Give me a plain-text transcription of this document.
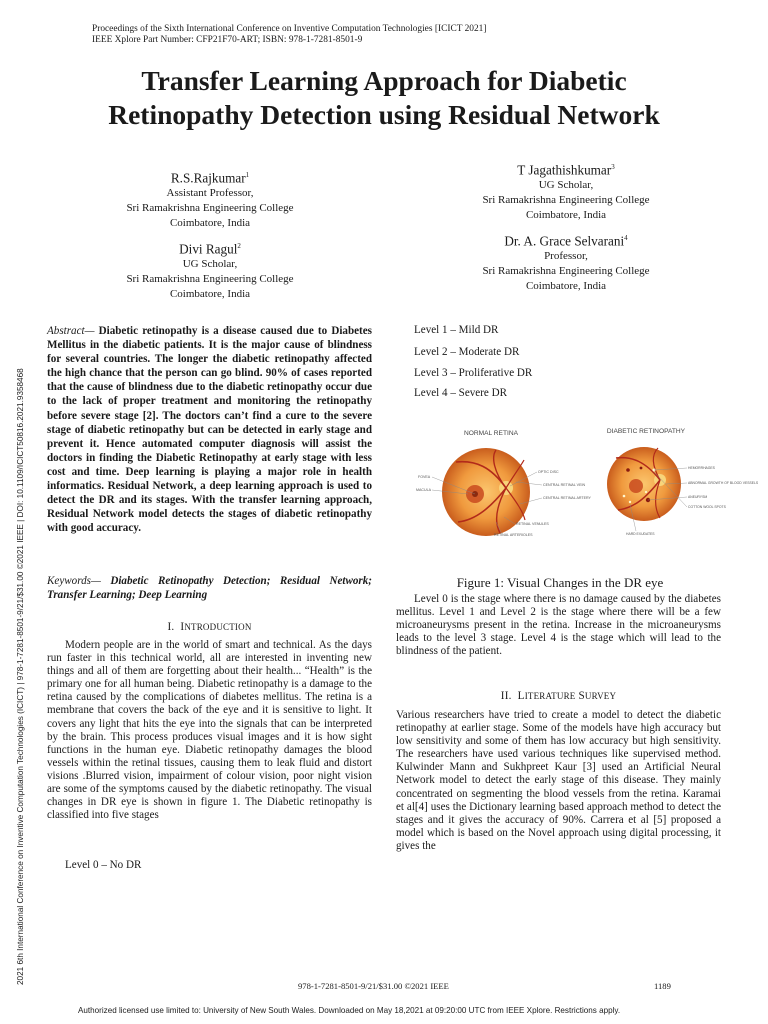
Proceedings of the Sixth International Conference on Inventive Computation Technologies [ICICT 2021]
IEEE Xplore Part Number: CFP21F70-ART; ISBN: 978-1-7281-8501-9
Transfer Learning Approach for Diabetic
Retinopathy Detection using Residual Network
R.S.Rajkumar$^1$
Assistant Professor,
Sri Ramakrishna Engineering College
Coimbatore, India
Divi Ragul$^2$
UG Scholar,
Sri Ramakrishna Engineering College
Coimbatore, India
T Jagathishkumar$^3$
UG Scholar,
Sri Ramakrishna Engineering College
Coimbatore, India
Dr. A. Grace Selvarani$^4$
Professor,
Sri Ramakrishna Engineering College
Coimbatore, India
2021 6th International Conference on Inventive Computation Technologies (ICICT) | 978-1-7281-8501-9/21/$31.00 ©2021 IEEE | DOI: 10.1109/ICICT50816.2021.9358468
Abstract— Diabetic retinopathy is a disease caused due to Diabetes Mellitus in the diabetic patients. It is the major cause of blindness for several countries. The longer the diabetic retinopathy affected the high chance that the person can go blind. 90% of cases reported that the cause of blindness due to the diabetic retinopathy occur due to the lack of proper treatment and monitoring the retinopathy before severe stage [2]. The doctors can’t find a cure to the severe stage of diabetic retinopathy but can be detected in early stage and prevent it. Hence automated computer diagnosis will assist the doctors in finding the Diabetic Retinopathy at early stage with less cost and time. Deep learning is playing a major role in health informatics. Residual Network, a deep learning approach is used to detect the DR and its stages. With the transfer learning approach, Residual Network model detects the stages of diabetic retinopathy with good accuracy.
Keywords— Diabetic Retinopathy Detection; Residual Network; Transfer Learning; Deep Learning
I. INTRODUCTION

Modern people are in the world of smart and technical. As the days run faster in this technical world, all are interested in inventing new things and all of them are forgetting about their health... “Health” is the primary one for all human being. Diabetic retinopathy is a damage to the retina caused by the complications of diabetes mellitus. The retina is a membrane that covers the back of the eye and it is sensitive to light. It covers any light that hits the eye into the signals that can be interpreted by the brain. This process produces visual images and it is how sight functions in the human eye. Diabetic retinopathy damages the blood vessels within the retinal tissues, causing them to leak fluid and distort visions .Blurred vision, impairment of colour vision, poor night vision are some of the symptoms caused by the diabetic retinopathy. The visual changes in DR eye is shown in figure 1. The Diabetic retinopathy is classified into five stages

Level 0 – No DR
Level 1 – Mild DR
Level 2 – Moderate DR
Level 3 – Proliferative DR
Level 4 – Severe DR
NORMAL RETINA	DIABETIC RETINOPATHY
FOVEA
MACULA
OPTIC DISC
CENTRAL RETINAL VEIN
CENTRAL RETINAL ARTERY
RETINAL VENULES
RETINAL ARTERIOLES
HEMORRHAGES
ABNORMAL GROWTH OF BLOOD VESSELS
ANEURYSM
COTTON WOOL SPOTS
HARD EXUDATES
Figure 1: Visual Changes in the DR eye

Level 0 is the stage where there is no damage caused by the diabetes mellitus. Level 1 and Level 2 is the stage where there will be a few microaneurysms present in the retina. Increase in the microaneurysms leads to the level 3 stage. Level 4 is the stage which will lead to the blindness of the patient.

II. LITERATURE SURVEY

Various researchers have tried to create a model to detect the diabetic retinopathy at earlier stage. Some of the models have high accuracy but low sensitivity and some of them has low accuracy but high sensitivity. The researchers have used various techniques like supervised method. Kulwinder Mann and Sukhpreet Kaur [3] used an Artificial Neural Network model to detect the early stage of this disease. They mainly concentrated on segmenting the blood vessels from the retina. Karamai et al[4] uses the Dictionary learning based approach method to detect the stages and it gives the accuracy of 90%. Carrera et al [5] proposed a model which is based on the Novel approach using digital processing, it gives the

978-1-7281-8501-9/21/$31.00 ©2021 IEEE	1189
Authorized licensed use limited to: University of New South Wales. Downloaded on May 18,2021 at 09:20:00 UTC from IEEE Xplore. Restrictions apply.
